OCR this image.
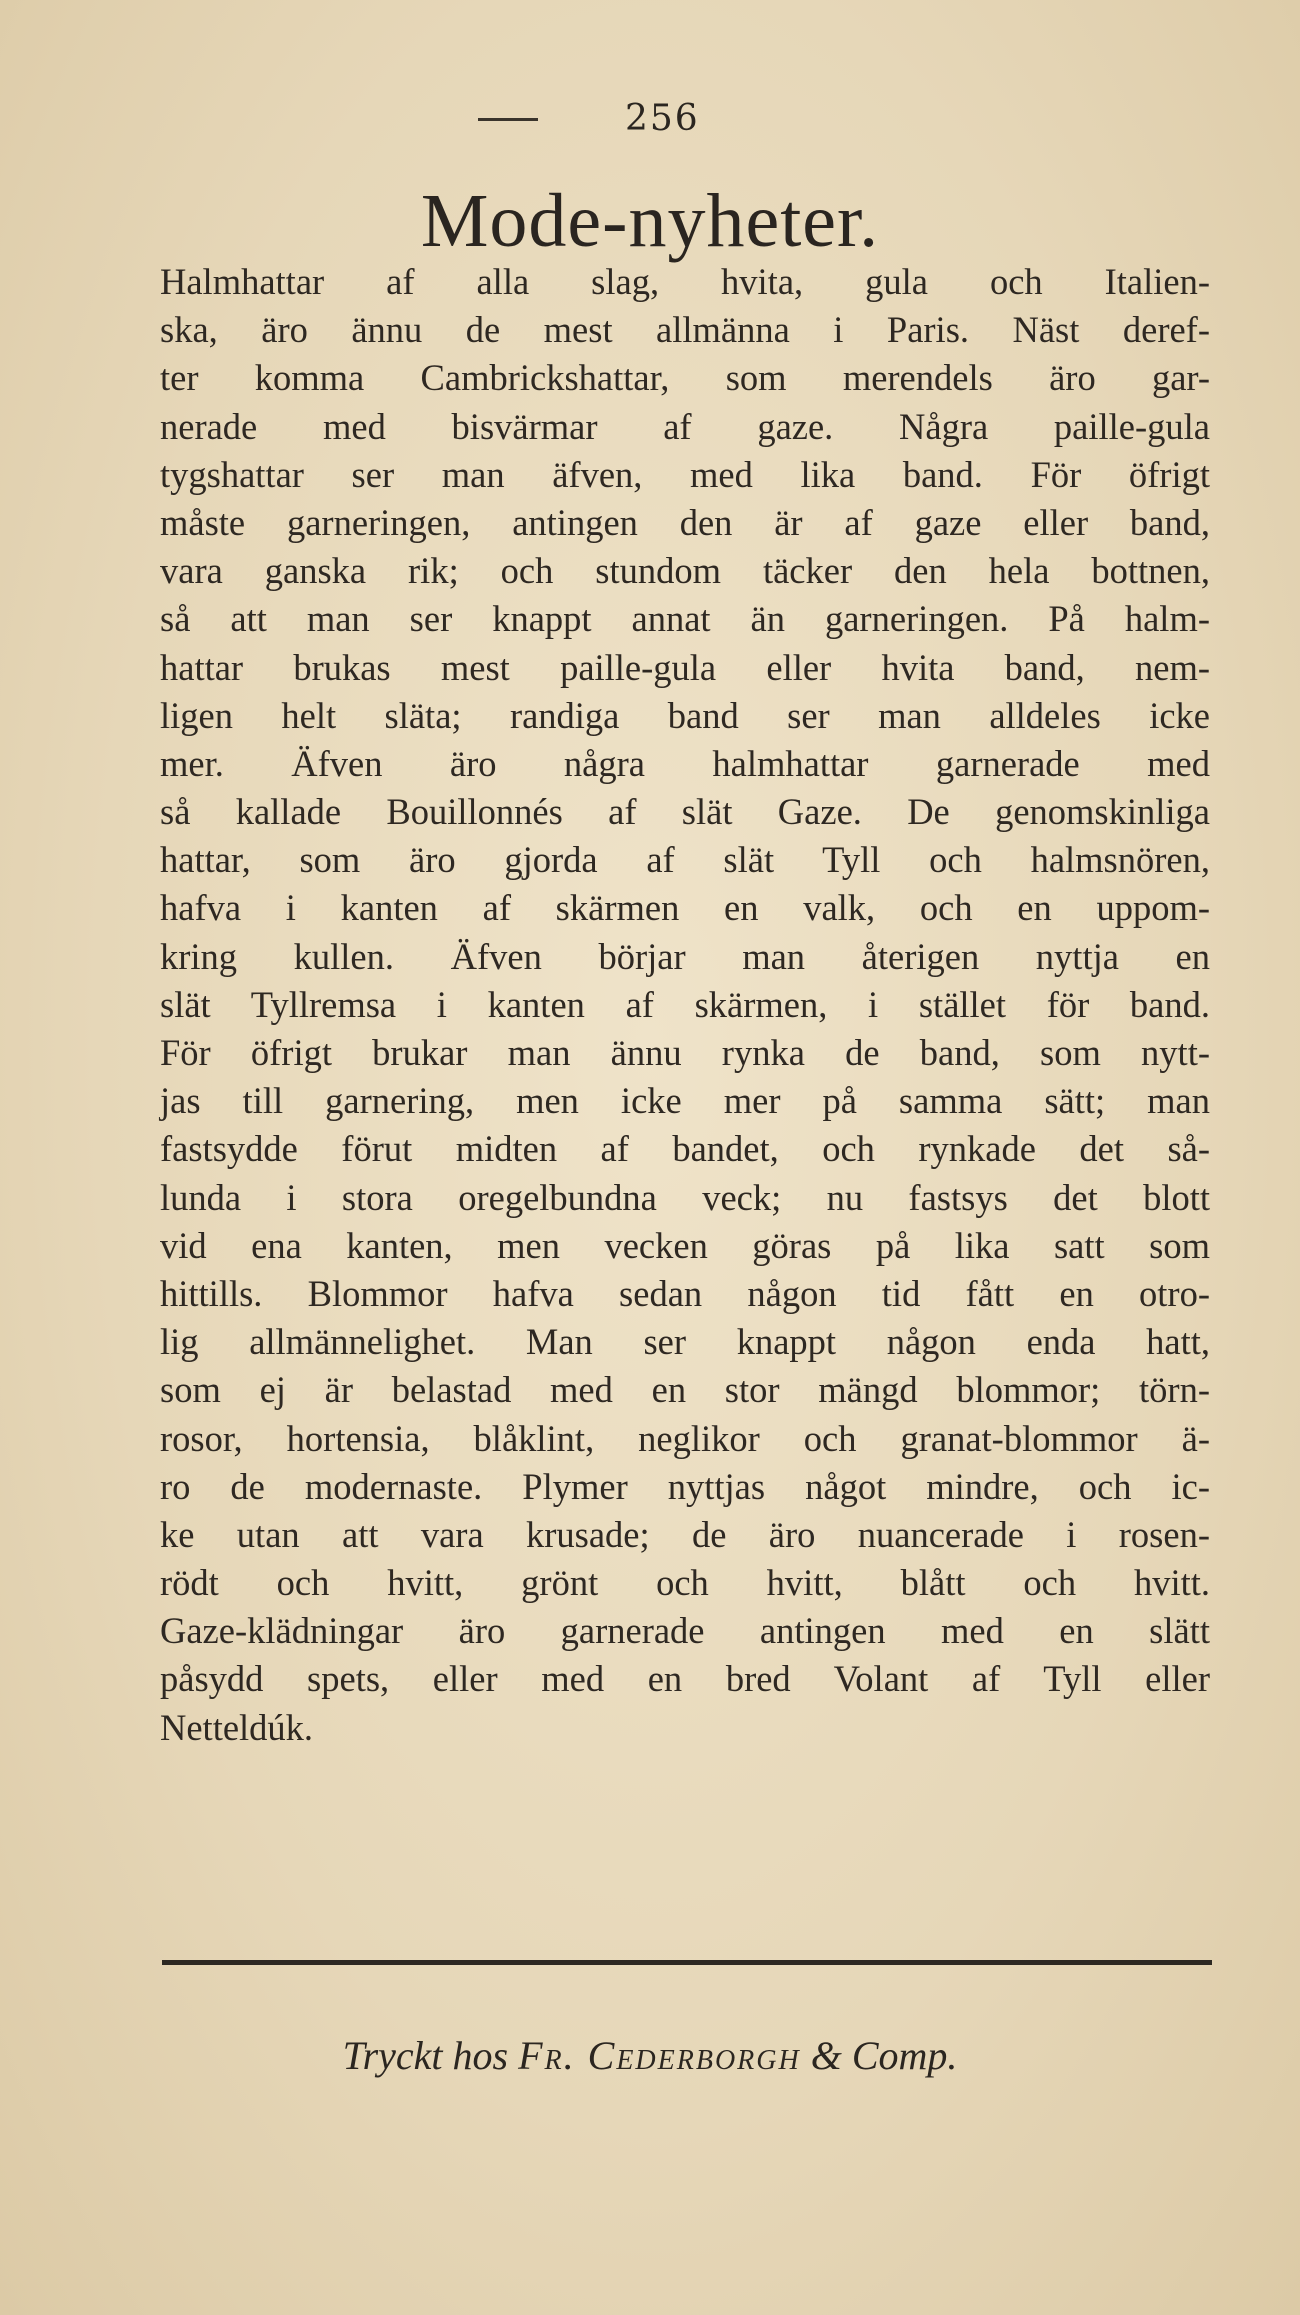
256
Mode-nyheter.
Halmhattar af alla slag, hvita, gula och Italien-
ska, äro ännu de mest allmänna i Paris. Näst deref-
ter komma Cambrickshattar, som merendels äro gar-
nerade med bisvärmar af gaze. Några paille-gula
tygshattar ser man äfven, med lika band. För öfrigt
måste garneringen, antingen den är af gaze eller band,
vara ganska rik; och stundom täcker den hela bottnen,
så att man ser knappt annat än garneringen. På halm-
hattar brukas mest paille-gula eller hvita band, nem-
ligen helt släta; randiga band ser man alldeles icke
mer. Äfven äro några halmhattar garnerade med
så kallade Bouillonnés af slät Gaze. De genomskinliga
hattar, som äro gjorda af slät Tyll och halmsnören,
hafva i kanten af skärmen en valk, och en uppom-
kring kullen. Äfven börjar man återigen nyttja en
slät Tyllremsa i kanten af skärmen, i stället för band.
För öfrigt brukar man ännu rynka de band, som nytt-
jas till garnering, men icke mer på samma sätt; man
fastsydde förut midten af bandet, och rynkade det så-
lunda i stora oregelbundna veck; nu fastsys det blott
vid ena kanten, men vecken göras på lika satt som
hittills. Blommor hafva sedan någon tid fått en otro-
lig allmännelighet. Man ser knappt någon enda hatt,
som ej är belastad med en stor mängd blommor; törn-
rosor, hortensia, blåklint, neglikor och granat-blommor ä-
ro de modernaste. Plymer nyttjas något mindre, och ic-
ke utan att vara krusade; de äro nuancerade i rosen-
rödt och hvitt, grönt och hvitt, blått och hvitt.
Gaze-klädningar äro garnerade antingen med en slätt
påsydd spets, eller med en bred Volant af Tyll eller
Netteldúk.
Tryckt hos Fr. Cederborgh & Comp.
